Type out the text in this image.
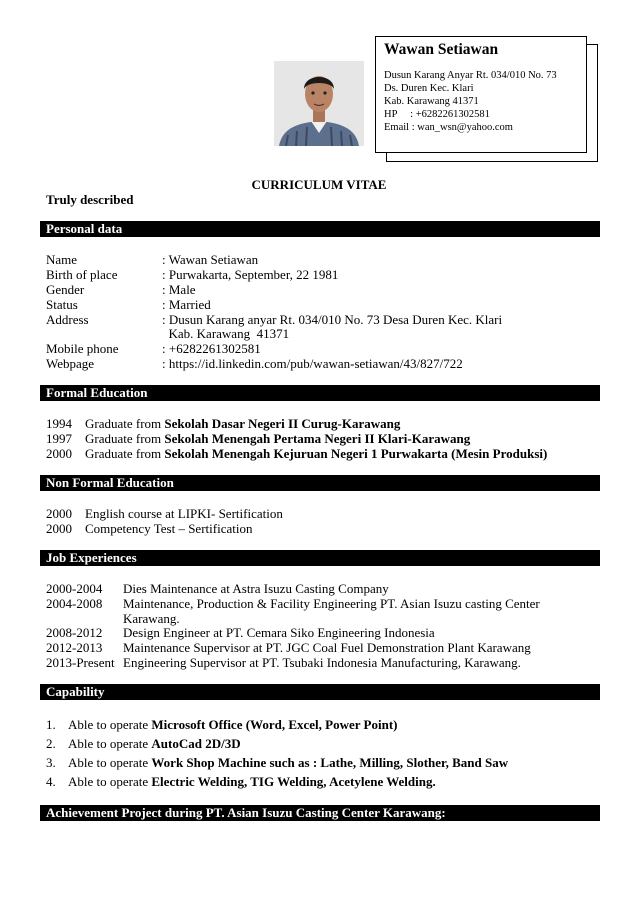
Wawan Setiawan
Dusun Karang Anyar Rt. 034/010 No. 73
Ds. Duren Kec. Klari
Kab. Karawang 41371
HP     : +6282261302581
Email : wan_wsn@yahoo.com
CURRICULUM VITAE
Truly described
Personal data
Name	: Wawan Setiawan
Birth of place	: Purwakarta, September, 22 1981
Gender	: Male
Status	: Married
Address	: Dusun Karang anyar Rt. 034/010 No. 73 Desa Duren Kec. Klari
Kab. Karawang  41371
Mobile phone	: +6282261302581
Webpage	: https://id.linkedin.com/pub/wawan-setiawan/43/827/722
Formal Education
1994 Graduate from Sekolah Dasar Negeri II Curug-Karawang
1997 Graduate from Sekolah Menengah Pertama Negeri II Klari-Karawang
2000 Graduate from Sekolah Menengah Kejuruan Negeri 1 Purwakarta (Mesin Produksi)
Non Formal Education
2000 English course at LIPKI- Sertification
2000 Competency Test – Sertification
Job Experiences
2000-2004 Dies Maintenance at Astra Isuzu Casting Company
2004-2008 Maintenance, Production & Facility Engineering PT. Asian Isuzu casting Center
Karawang.
2008-2012 Design Engineer at PT. Cemara Siko Engineering Indonesia
2012-2013 Maintenance Supervisor at PT. JGC Coal Fuel Demonstration Plant Karawang
2013-Present Engineering Supervisor at PT. Tsubaki Indonesia Manufacturing, Karawang.
Capability
1. Able to operate Microsoft Office (Word, Excel, Power Point)
2. Able to operate AutoCad 2D/3D
3. Able to operate Work Shop Machine such as : Lathe, Milling, Slother, Band Saw
4. Able to operate Electric Welding, TIG Welding, Acetylene Welding.
Achievement Project during PT. Asian Isuzu Casting Center Karawang:
